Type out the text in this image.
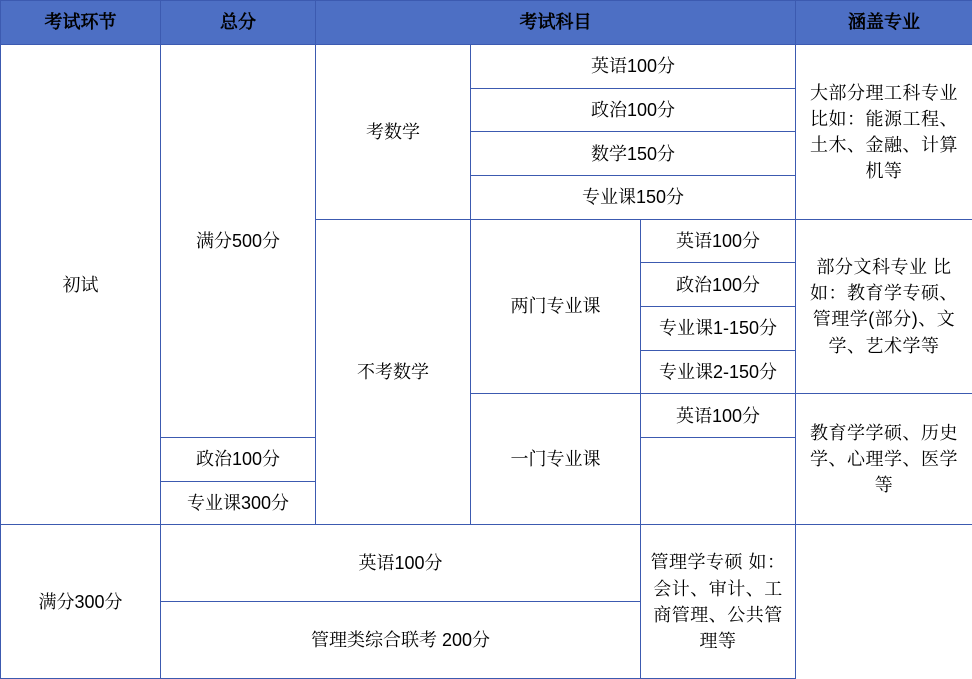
考试环节	总分	考试科目			涵盖专业
初试	满分500分	考数学	英语100分		大部分理工科专业比如：能源工程、土木、金融、计算机等
			政治100分		
			数学150分		
			专业课150分		
		不考数学	两门专业课	英语100分	部分文科专业 比如：教育学专硕、管理学(部分)、文学、艺术学等
				政治100分	
				专业课1-150分	
				专业课2-150分	
			一门专业课	英语100分	教育学学硕、历史学、心理学、医学等
	政治100分				
	专业课300分				
满分300分	英语100分			管理学专硕 如：会计、审计、工商管理、公共管理等	
	管理类综合联考 200分				
